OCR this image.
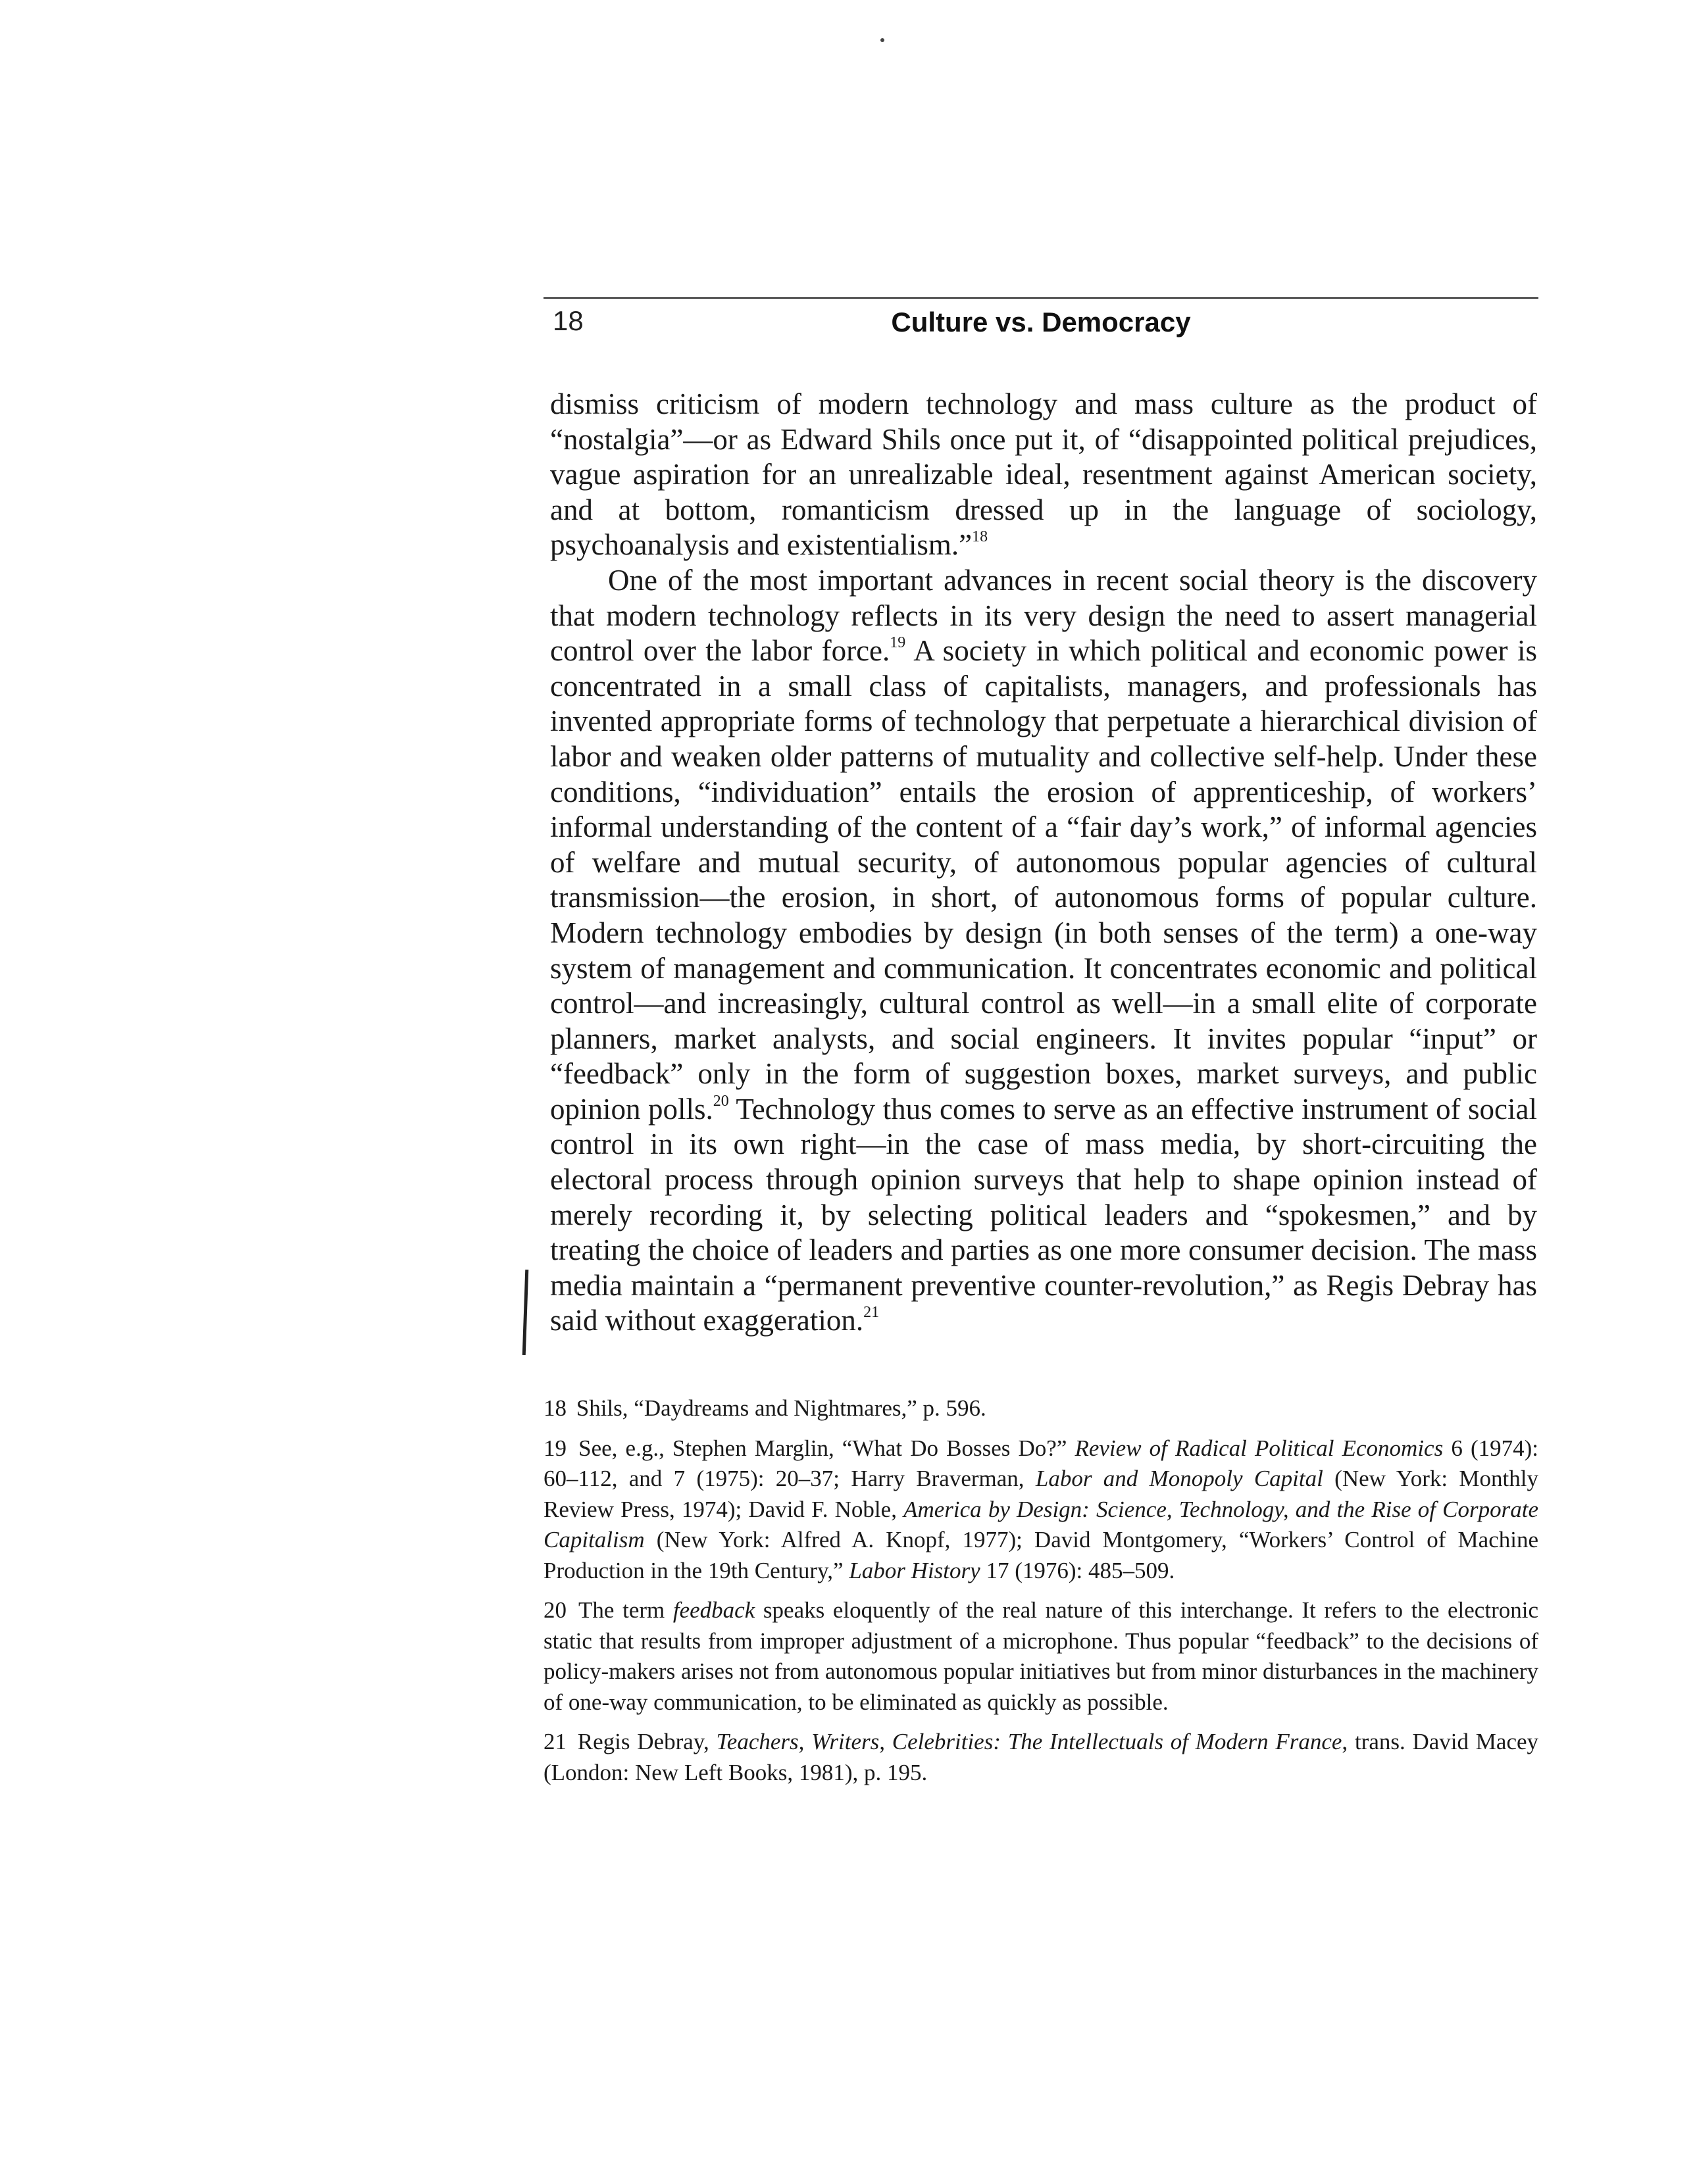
18	Culture vs. Democracy

dismiss criticism of modern technology and mass culture as the product of “nostalgia”—or as Edward Shils once put it, of “disappointed political prejudices, vague aspiration for an unrealizable ideal, resentment against American society, and at bottom, romanticism dressed up in the language of sociology, psychoanalysis and existentialism.”$^{18}$

One of the most important advances in recent social theory is the discovery that modern technology reflects in its very design the need to assert managerial control over the labor force.$^{19}$ A society in which political and economic power is concentrated in a small class of capitalists, managers, and professionals has invented appropriate forms of technology that perpetuate a hierarchical division of labor and weaken older patterns of mutuality and collective self-help. Under these conditions, “individuation” entails the erosion of apprenticeship, of workers’ informal understanding of the content of a “fair day’s work,” of informal agencies of welfare and mutual security, of autonomous popular agencies of cultural transmission—the erosion, in short, of autonomous forms of popular culture. Modern technology embodies by design (in both senses of the term) a one-way system of management and communication. It concentrates economic and political control—and increasingly, cultural control as well—in a small elite of corporate planners, market analysts, and social engineers. It invites popular “input” or “feedback” only in the form of suggestion boxes, market surveys, and public opinion polls.$^{20}$ Technology thus comes to serve as an effective instrument of social control in its own right—in the case of mass media, by short-circuiting the electoral process through opinion surveys that help to shape opinion instead of merely recording it, by selecting political leaders and “spokesmen,” and by treating the choice of leaders and parties as one more consumer decision. The mass media maintain a “permanent preventive counter-revolution,” as Regis Debray has said without exaggeration.$^{21}$

18 Shils, “Daydreams and Nightmares,” p. 596.

19 See, e.g., Stephen Marglin, “What Do Bosses Do?” Review of Radical Political Economics 6 (1974): 60–112, and 7 (1975): 20–37; Harry Braverman, Labor and Monopoly Capital (New York: Monthly Review Press, 1974); David F. Noble, America by Design: Science, Technology, and the Rise of Corporate Capitalism (New York: Alfred A. Knopf, 1977); David Montgomery, “Workers’ Control of Machine Production in the 19th Century,” Labor History 17 (1976): 485–509.

20 The term feedback speaks eloquently of the real nature of this interchange. It refers to the electronic static that results from improper adjustment of a microphone. Thus popular “feedback” to the decisions of policy-makers arises not from autonomous popular initiatives but from minor disturbances in the machinery of one-way communication, to be eliminated as quickly as possible.

21 Regis Debray, Teachers, Writers, Celebrities: The Intellectuals of Modern France, trans. David Macey (London: New Left Books, 1981), p. 195.
